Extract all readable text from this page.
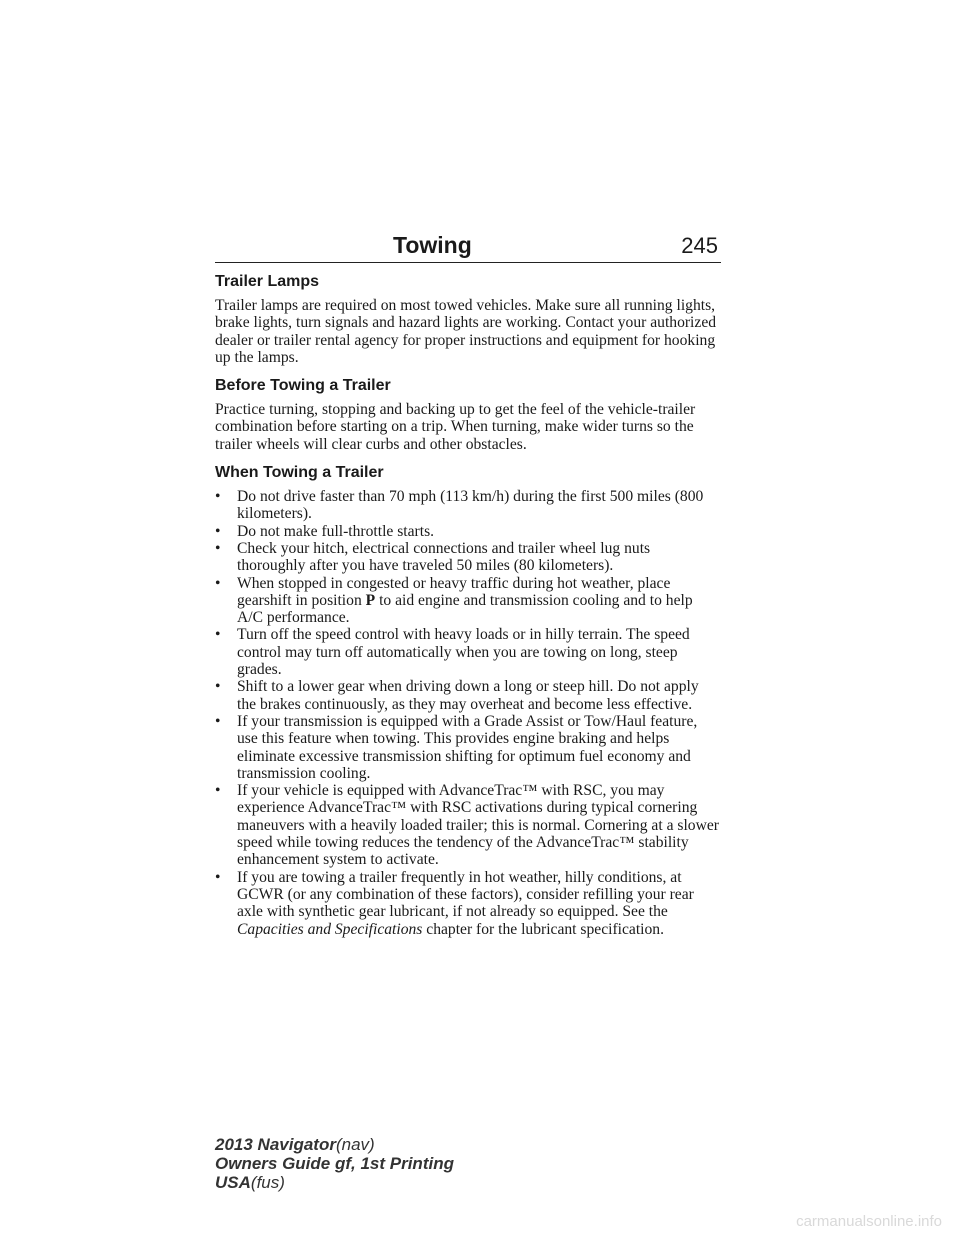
Towing	245
Trailer Lamps

Trailer lamps are required on most towed vehicles. Make sure all running lights, brake lights, turn signals and hazard lights are working. Contact your authorized dealer or trailer rental agency for proper instructions and equipment for hooking up the lamps.

Before Towing a Trailer

Practice turning, stopping and backing up to get the feel of the vehicle-trailer combination before starting on a trip. When turning, make wider turns so the trailer wheels will clear curbs and other obstacles.

When Towing a Trailer
• Do not drive faster than 70 mph (113 km/h) during the first 500 miles (800 kilometers).
• Do not make full-throttle starts.
• Check your hitch, electrical connections and trailer wheel lug nuts thoroughly after you have traveled 50 miles (80 kilometers).
• When stopped in congested or heavy traffic during hot weather, place gearshift in position P to aid engine and transmission cooling and to help A/C performance.
• Turn off the speed control with heavy loads or in hilly terrain. The speed control may turn off automatically when you are towing on long, steep grades.
• Shift to a lower gear when driving down a long or steep hill. Do not apply the brakes continuously, as they may overheat and become less effective.
• If your transmission is equipped with a Grade Assist or Tow/Haul feature, use this feature when towing. This provides engine braking and helps eliminate excessive transmission shifting for optimum fuel economy and transmission cooling.
• If your vehicle is equipped with AdvanceTrac™ with RSC, you may experience AdvanceTrac™ with RSC activations during typical cornering maneuvers with a heavily loaded trailer; this is normal. Cornering at a slower speed while towing reduces the tendency of the AdvanceTrac™ stability enhancement system to activate.
• If you are towing a trailer frequently in hot weather, hilly conditions, at GCWR (or any combination of these factors), consider refilling your rear axle with synthetic gear lubricant, if not already so equipped. See the Capacities and Specifications chapter for the lubricant specification.
2013 Navigator(nav)
Owners Guide gf, 1st Printing
USA(fus)
carmanualsonline.info
